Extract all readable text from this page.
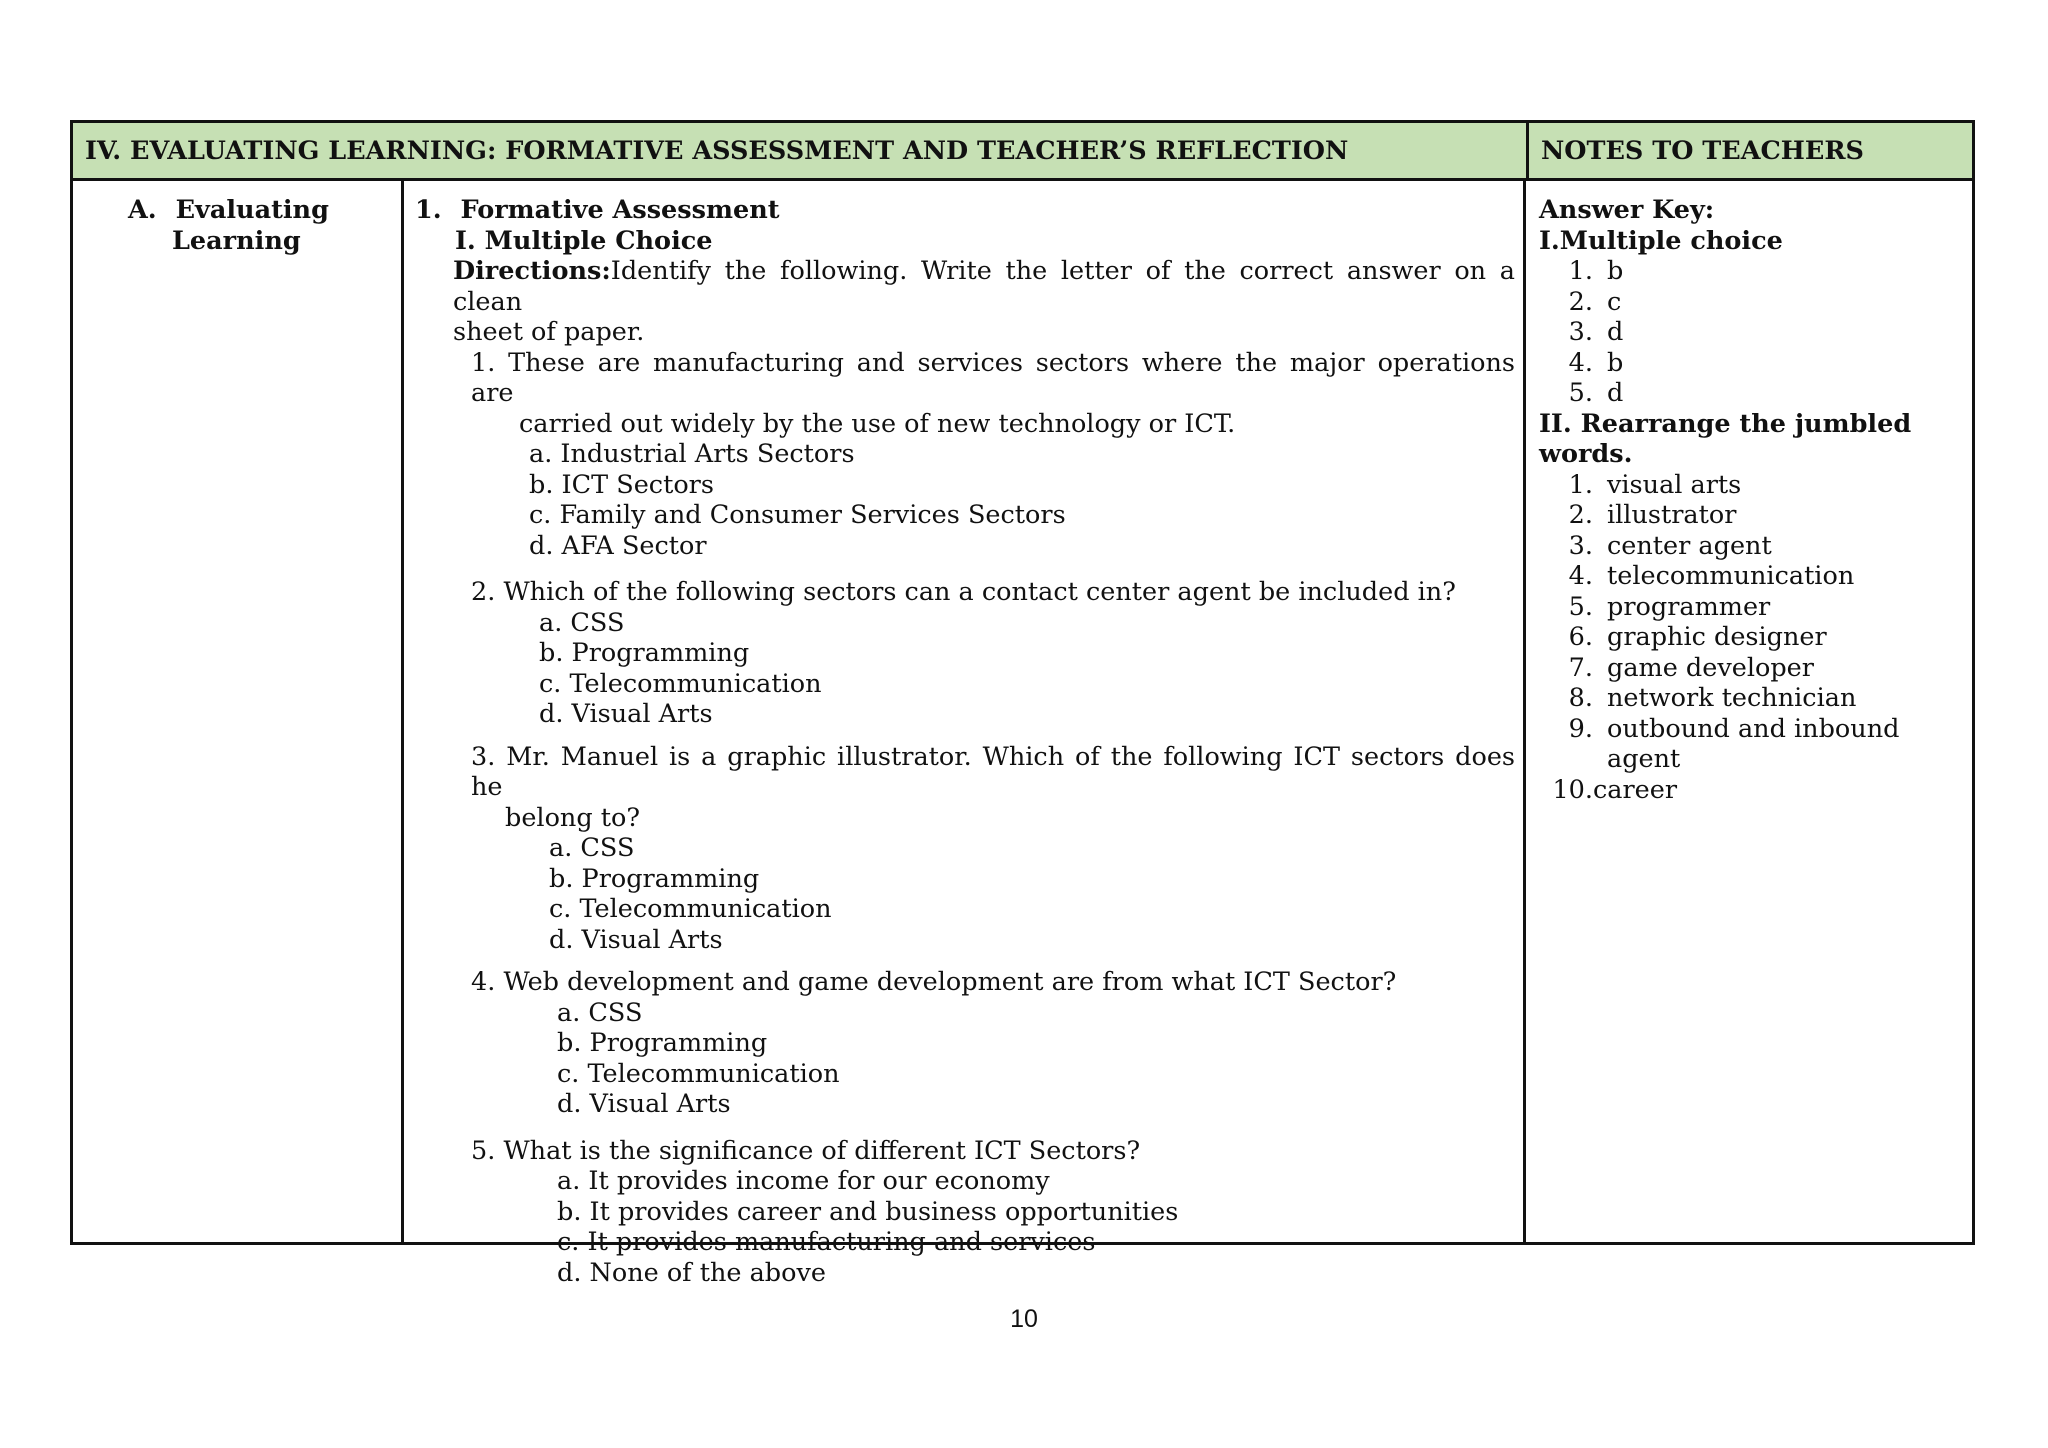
IV. EVALUATING LEARNING: FORMATIVE ASSESSMENT AND TEACHER’S REFLECTION	NOTES TO TEACHERS
A. Evaluating
Learning
1. Formative Assessment
I. Multiple Choice
Directions:Identify the following. Write the letter of the correct answer on a clean
sheet of paper.
1. These are manufacturing and services sectors where the major operations are
carried out widely by the use of new technology or ICT.
a. Industrial Arts Sectors
b. ICT Sectors
c. Family and Consumer Services Sectors
d. AFA Sector
2. Which of the following sectors can a contact center agent be included in?
a. CSS
b. Programming
c. Telecommunication
d. Visual Arts
3. Mr. Manuel is a graphic illustrator. Which of the following ICT sectors does he
belong to?
a. CSS
b. Programming
c. Telecommunication
d. Visual Arts
4. Web development and game development are from what ICT Sector?
a. CSS
b. Programming
c. Telecommunication
d. Visual Arts
5. What is the significance of different ICT Sectors?
a. It provides income for our economy
b. It provides career and business opportunities
c. It provides manufacturing and services
d. None of the above
Answer Key:
I.Multiple choice
1. b
2. c
3. d
4. b
5. d
II. Rearrange the jumbled
words.
1. visual arts
2. illustrator
3. center agent
4. telecommunication
5. programmer
6. graphic designer
7. game developer
8. network technician
9. outbound and inbound
agent
10.career
10
